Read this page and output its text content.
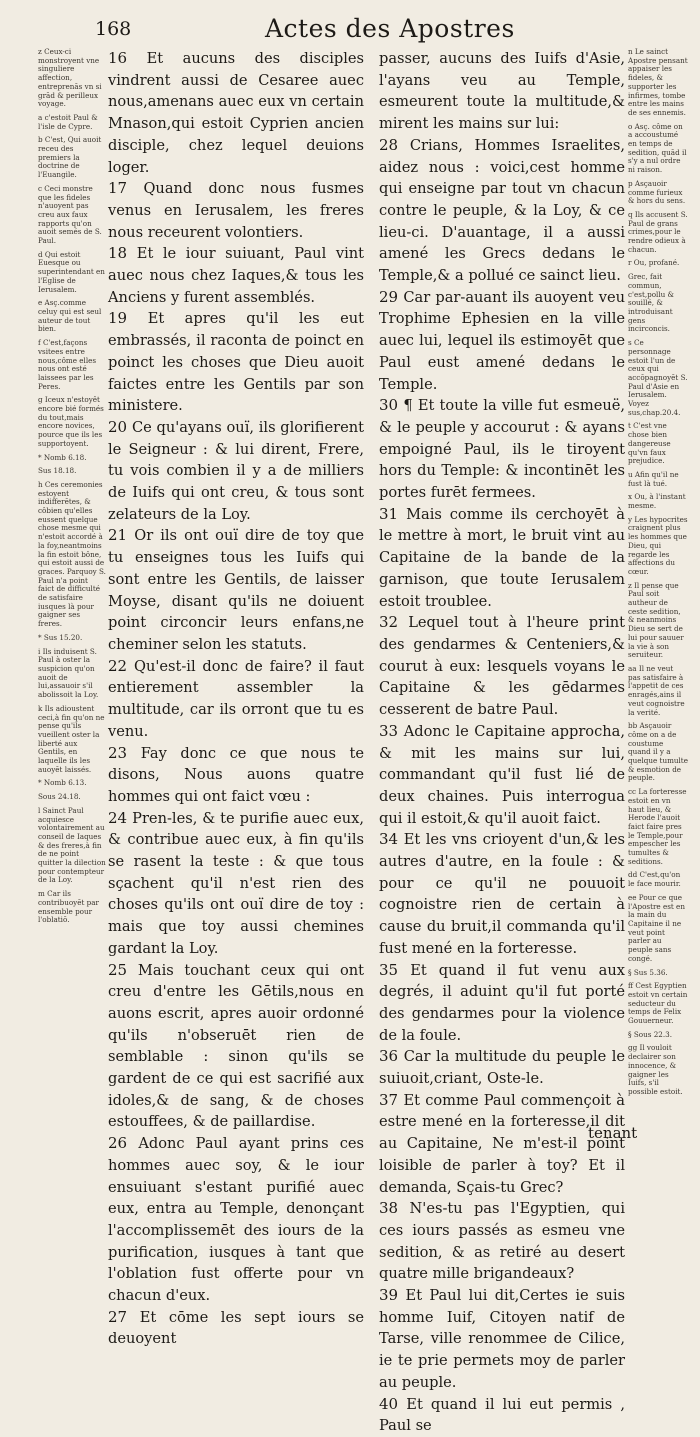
168	Actes des Apostres

z Ceux-ci monstroyent vne singuliere affection, entreprenās vn si grād & perilleux voyage.

a c'estoit Paul & l'isle de Cypre.

b C'est, Qui auoit receu des premiers la doctrine de l'Euangile.

c Ceci monstre que les fideles n'auoyent pas creu aux faux rapports qu'on auoit semés de S. Paul.

d Qui estoit Euesque ou superintendant en l'Eglise de Ierusalem.

e Asç.comme celuy qui est seul auteur de tout bien.

f C'est,façons vsitees entre nous,côme elles nous ont esté laissees par les Peres.

g Iceux n'estoyêt encore bié formés du tout,mais encore novices, pource que ils les supportoyent.

* Nomb 6.18.

Sus 18.18.

h Ces ceremonies estoyent indifferētes, & côbien qu'elles eussent quelque chose mesme qui n'estoit accordé à la foy,neantmoins la fin estoit bône, qui estoit aussi de graces. Parquoy S. Paul n'a point faict de difficulté de satisfaire iusques là pour gaigner ses freres.

* Sus 15.20.

i Ils induisent S. Paul à oster la suspicion qu'on auoit de lui,assauoir s'il abolissoit la Loy.

k Ils adioustent ceci,à fin qu'on ne pense qu'ils vueillent oster la liberté aux Gentils, en laquelle ils les auoyēt laissés.

* Nomb 6.13.

Sous 24.18.

l Sainct Paul acquiesce volontairement au conseil de Iaques & des freres,à fin de ne point quitter la dilection pour contempteur de la Loy.

m Car ils contribuoyēt par ensemble pour l'oblatiō.

16 Et aucuns des disciples vindrent aussi de Cesaree auec nous,amenans auec eux vn certain Mnason,qui estoit Cyprien ancien disciple, chez lequel deuions loger.

17 Quand donc nous fusmes venus en Ierusalem, les freres nous receurent volontiers.

18 Et le iour suiuant, Paul vint auec nous chez Iaques,& tous les Anciens y furent assemblés.

19 Et apres qu'il les eut embrassés, il raconta de poinct en poinct les choses que Dieu auoit faictes entre les Gentils par son ministere.

20 Ce qu'ayans ouï, ils glorifierent le Seigneur : & lui dirent, Frere, tu vois combien il y a de milliers de Iuifs qui ont creu, & tous sont zelateurs de la Loy.

21 Or ils ont ouï dire de toy que tu enseignes tous les Iuifs qui sont entre les Gentils, de laisser Moyse, disant qu'ils ne doiuent point circoncir leurs enfans,ne cheminer selon les statuts.

22 Qu'est-il donc de faire? il faut entierement assembler la multitude, car ils orront que tu es venu.

23 Fay donc ce que nous te disons, Nous auons quatre hommes qui ont faict vœu :

24 Pren-les, & te purifie auec eux, & contribue auec eux, à fin qu'ils se rasent la teste : & que tous sçachent qu'il n'est rien des choses qu'ils ont ouï dire de toy : mais que toy aussi chemines gardant la Loy.

25 Mais touchant ceux qui ont creu d'entre les Gētils,nous en auons escrit, apres auoir ordonné qu'ils n'obseruēt rien de semblable : sinon qu'ils se gardent de ce qui est sacrifié aux idoles,& de sang, & de choses estouffees, & de paillardise.

26 Adonc Paul ayant prins ces hommes auec soy, & le iour ensuiuant s'estant purifié auec eux, entra au Temple, denonçant l'accomplissemēt des iours de la purification, iusques à tant que l'oblation fust offerte pour vn chacun d'eux.

27 Et cōme les sept iours se deuoyent

passer, aucuns des Iuifs d'Asie, l'ayans veu au Temple, esmeurent toute la multitude,& mirent les mains sur lui:

28 Crians, Hommes Israelites, aidez nous : voici,cest homme qui enseigne par tout vn chacun contre le peuple, & la Loy, & ce lieu-ci. D'auantage, il a aussi amené les Grecs dedans le Temple,& a pollué ce sainct lieu.

29 Car par-auant ils auoyent veu Trophime Ephesien en la ville auec lui, lequel ils estimoyēt que Paul eust amené dedans le Temple.

30 ¶ Et toute la ville fut esmeuë, & le peuple y accourut : & ayans empoigné Paul, ils le tiroyent hors du Temple: & incontinēt les portes furēt fermees.

31 Mais comme ils cerchoyēt à le mettre à mort, le bruit vint au Capitaine de la bande de la garnison, que toute Ierusalem estoit troublee.

32 Lequel tout à l'heure print des gendarmes & Centeniers,& courut à eux: lesquels voyans le Capitaine & les gēdarmes cesserent de batre Paul.

33 Adonc le Capitaine approcha, & mit les mains sur lui, commandant qu'il fust lié de deux chaines. Puis interrogua qui il estoit,& qu'il auoit faict.

34 Et les vns crioyent d'un,& les autres d'autre, en la foule : & pour ce qu'il ne pouuoit cognoistre rien de certain à cause du bruit,il commanda qu'il fust mené en la forteresse.

35 Et quand il fut venu aux degrés, il aduint qu'il fut porté des gendarmes pour la violence de la foule.

36 Car la multitude du peuple le suiuoit,criant, Oste-le.

37 Et comme Paul commençoit à estre mené en la forteresse,il dit au Capitaine, Ne m'est-il point loisible de parler à toy? Et il demanda, Sçais-tu Grec?

38 N'es-tu pas l'Egyptien, qui ces iours passés as esmeu vne sedition, & as retiré au desert quatre mille brigandeaux?

39 Et Paul lui dit,Certes ie suis homme Iuif, Citoyen natif de Tarse, ville renommee de Cilice, ie te prie permets moy de parler au peuple.

40 Et quand il lui eut permis , Paul se

n Le sainct Apostre pensant appaiser les fideles, & supporter les infirmes, tombe entre les mains de ses ennemis.

o Asç. côme on a accoustumé en temps de sedition, quād il s'y a nul ordre ni raison.

p Asçauoir comme furieux & hors du sens.

q Ils accusent S. Paul de grans crimes,pour le rendre odieux à chacun.

r Ou, profané.

Grec, fait commun, c'est,pollu & souillé, & introduisant gens incirconcis.

s Ce personnage estoit l'un de ceux qui accōpagnoyēt S. Paul d'Asie en Ierusalem. Voyez sus,chap.20.4.

t C'est vne chose bien dangereuse qu'vn faux prejudice.

u Afin qu'il ne fust là tué.

x Ou, à l'instant mesme.

y Les hypocrites craignent plus les hommes que Dieu, qui regarde les affections du cœur.

z Il pense que Paul soit autheur de ceste sedition, & neanmoins Dieu se sert de lui pour sauuer la vie à son seruiteur.

aa Il ne veut pas satisfaire à l'appetit de ces enragés,ains il veut cognoistre la verité.

bb Asçauoir côme on a de coustume quand il y a quelque tumulte & esmotion de peuple.

cc La forteresse estoit en vn haut lieu, & Herode l'auoit faict faire pres le Temple,pour empescher les tumultes & seditions.

dd C'est,qu'on le face mourir.

ee Pour ce que l'Apostre est en la main du Capitaine il ne veut point parler au peuple sans congé.

§ Sus 5.36.

ff Cest Egyptien estoit vn certain seducteur du temps de Felix Gouuerneur.

§ Sous 22.3.

gg Il vouloit declairer son innocence, & gaigner les Iuifs, s'il possible estoit.

tenant
